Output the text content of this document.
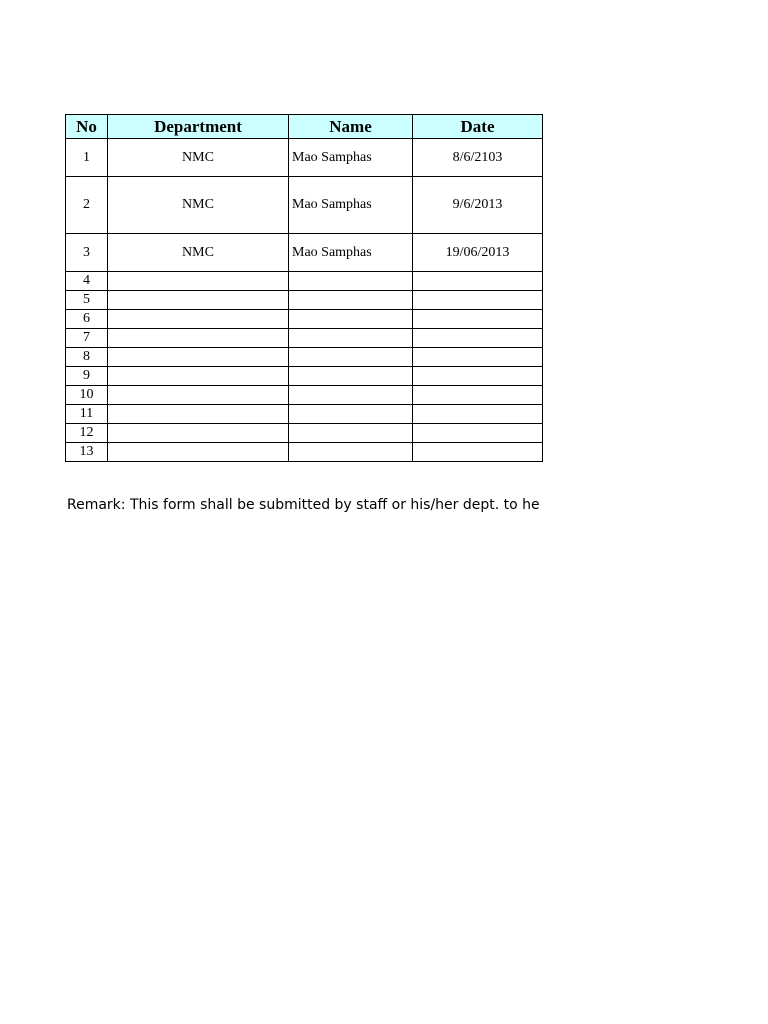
No	Department	Name	Date
1	NMC	Mao Samphas	8/6/2103
2	NMC	Mao Samphas	9/6/2013
3	NMC	Mao Samphas	19/06/2013
4			
5			
6			
7			
8			
9			
10			
11			
12			
13			
Remark: This form shall be submitted by staff or his/her dept. to he
